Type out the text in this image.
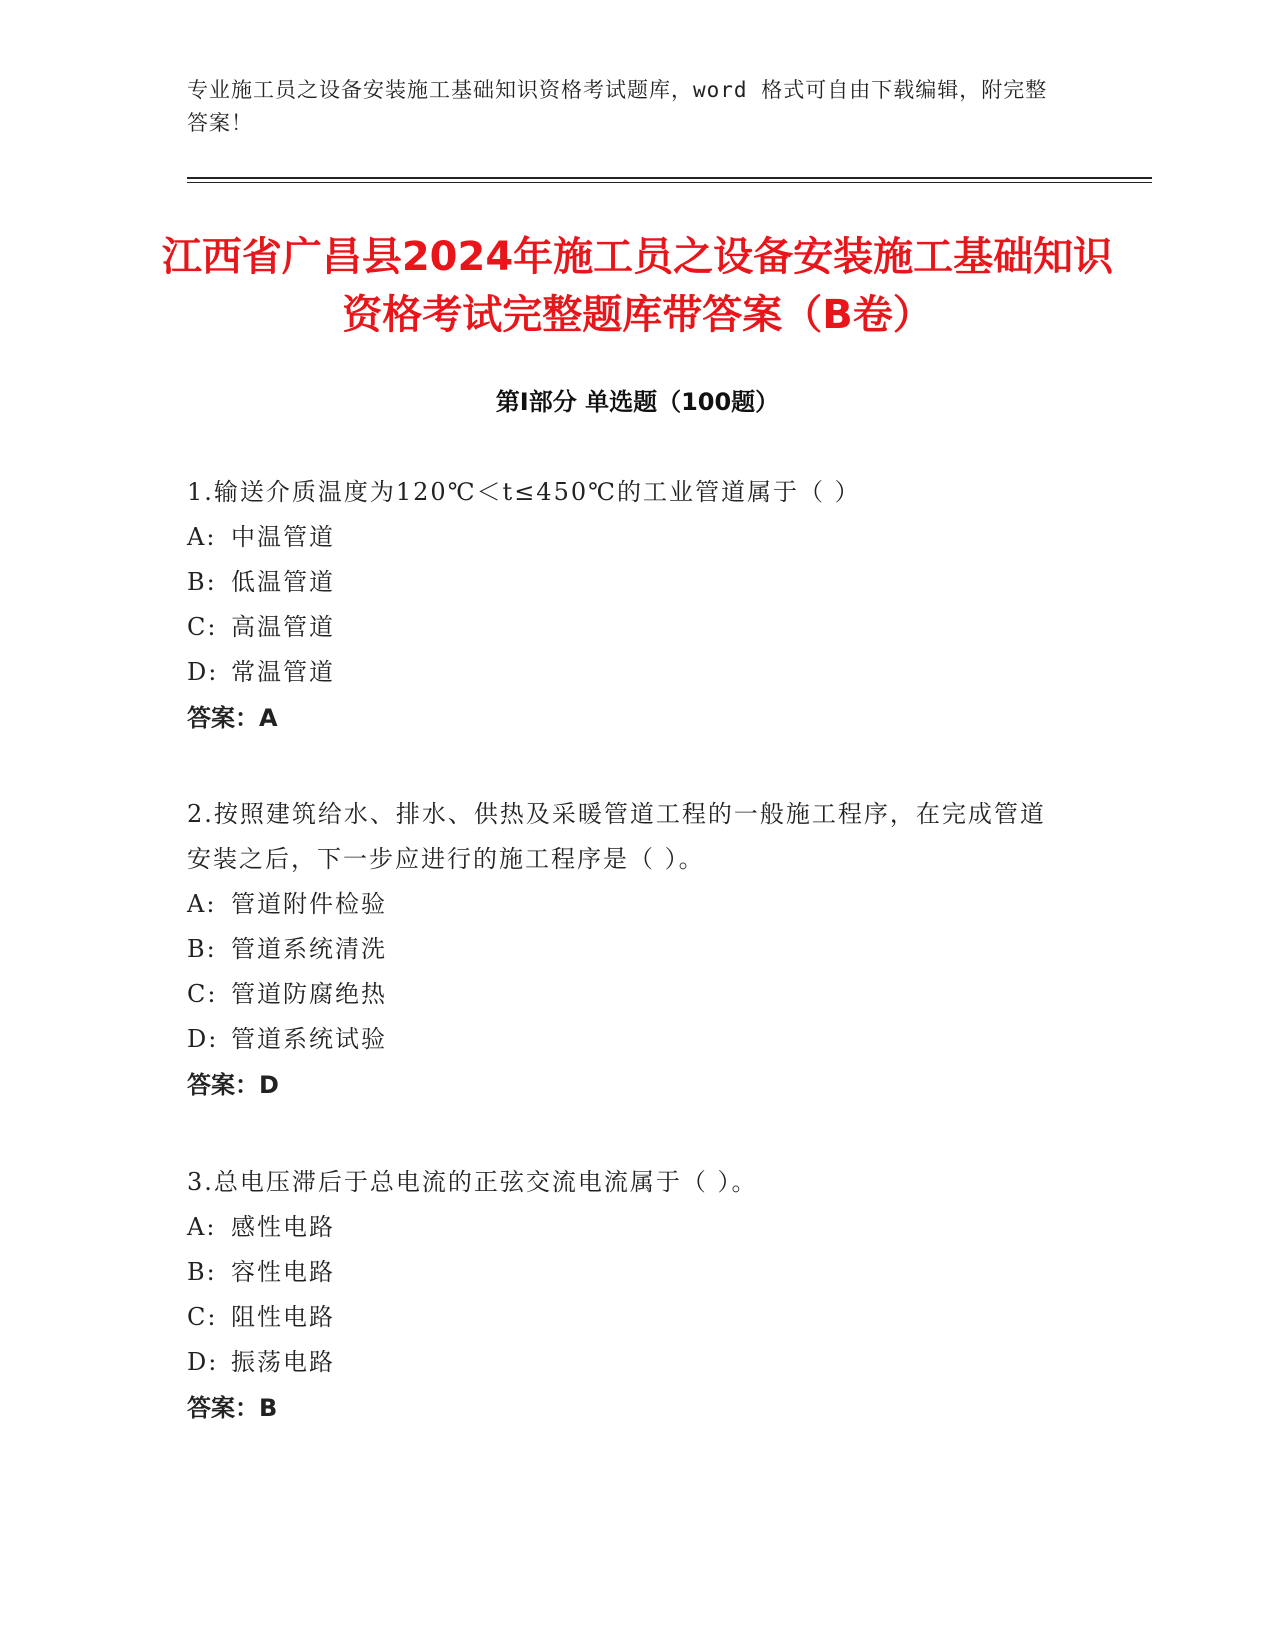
专业施工员之设备安装施工基础知识资格考试题库，word 格式可自由下载编辑，附完整答案！
江西省广昌县2024年施工员之设备安装施工基础知识资格考试完整题库带答案（B卷）
第Ⅰ部分 单选题（100题）
1.输送介质温度为120℃＜t≤450℃的工业管道属于（ ）
A: 中温管道
B: 低温管道
C: 高温管道
D: 常温管道
答案：A
2.按照建筑给水、排水、供热及采暖管道工程的一般施工程序，在完成管道安装之后，下一步应进行的施工程序是（ ）。
A: 管道附件检验
B: 管道系统清洗
C: 管道防腐绝热
D: 管道系统试验
答案：D
3.总电压滞后于总电流的正弦交流电流属于（ ）。
A: 感性电路
B: 容性电路
C: 阻性电路
D: 振荡电路
答案：B
